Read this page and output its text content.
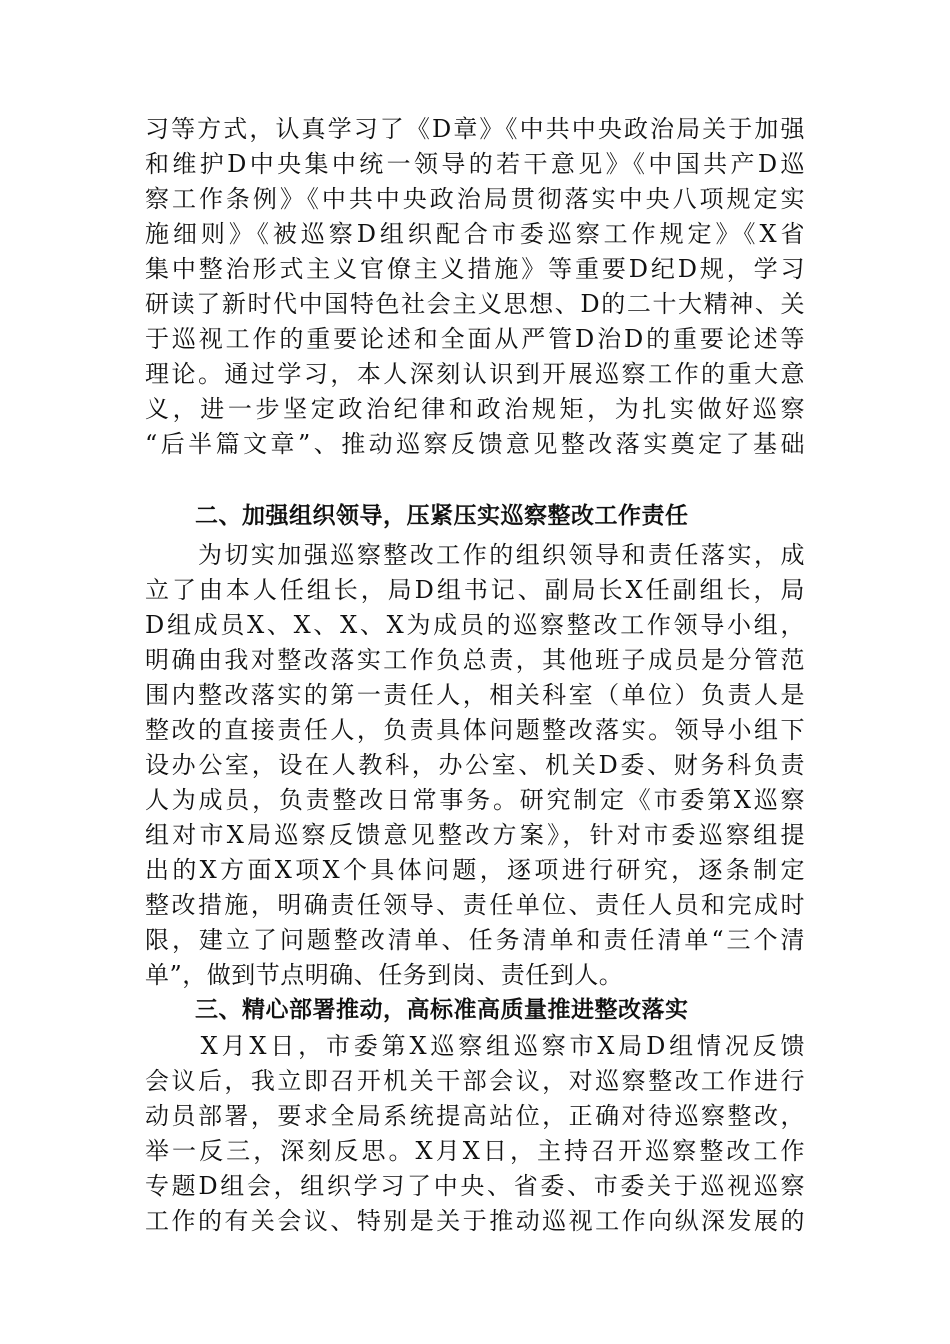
习等方式，认真学习了《D章》《中共中央政治局关于加强
和维护D中央集中统一领导的若干意见》《中国共产D巡
察工作条例》《中共中央政治局贯彻落实中央八项规定实
施细则》《被巡察D组织配合市委巡察工作规定》《X省
集中整治形式主义官僚主义措施》等重要D纪D规，学习
研读了新时代中国特色社会主义思想、D的二十大精神、关
于巡视工作的重要论述和全面从严管D治D的重要论述等
理论。通过学习，本人深刻认识到开展巡察工作的重大意
义，进一步坚定政治纪律和政治规矩，为扎实做好巡察
“后半篇文章”、推动巡察反馈意见整改落实奠定了基础
二、加强组织领导，压紧压实巡察整改工作责任
　　为切实加强巡察整改工作的组织领导和责任落实，成
立了由本人任组长，局D组书记、副局长X任副组长，局
D组成员X、X、X、X为成员的巡察整改工作领导小组，
明确由我对整改落实工作负总责，其他班子成员是分管范
围内整改落实的第一责任人，相关科室（单位）负责人是
整改的直接责任人，负责具体问题整改落实。领导小组下
设办公室，设在人教科，办公室、机关D委、财务科负责
人为成员，负责整改日常事务。研究制定《市委第X巡察
组对市X局巡察反馈意见整改方案》，针对市委巡察组提
出的X方面X项X个具体问题，逐项进行研究，逐条制定
整改措施，明确责任领导、责任单位、责任人员和完成时
限，建立了问题整改清单、任务清单和责任清单“三个清
单”，做到节点明确、任务到岗、责任到人。
三、精心部署推动，高标准高质量推进整改落实
　　X月X日，市委第X巡察组巡察市X局D组情况反馈
会议后，我立即召开机关干部会议，对巡察整改工作进行
动员部署，要求全局系统提高站位，正确对待巡察整改，
举一反三，深刻反思。X月X日，主持召开巡察整改工作
专题D组会，组织学习了中央、省委、市委关于巡视巡察
工作的有关会议、特别是关于推动巡视工作向纵深发展的
